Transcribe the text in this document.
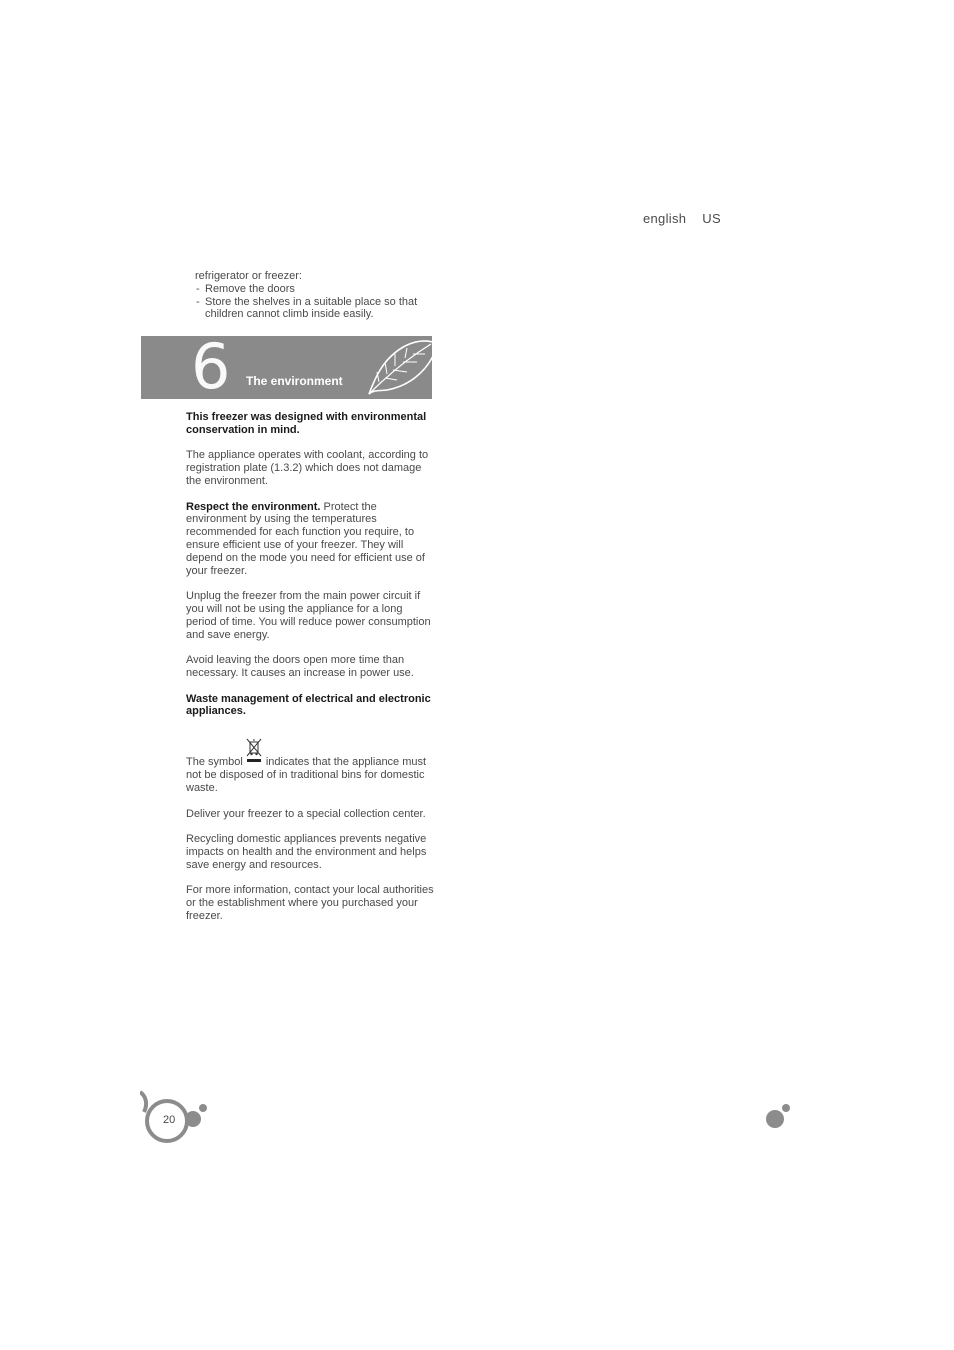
english US
refrigerator or freezer:
- Remove the doors
- Store the shelves in a suitable place so that children cannot climb inside easily.
6 The environment

This freezer was designed with environmental conservation in mind.

The appliance operates with coolant, according to registration plate (1.3.2) which does not damage the environment.

Respect the environment. Protect the environment by using the temperatures recommended for each function you require, to ensure efficient use of your freezer. They will depend on the mode you need for efficient use of your freezer.

Unplug the freezer from the main power circuit if you will not be using the appliance for a long period of time. You will reduce power consumption and save energy.

Avoid leaving the doors open more time than necessary. It causes an increase in power use.

Waste management of electrical and electronic appliances.

The symbol indicates that the appliance must not be disposed of in traditional bins for domestic waste.

Deliver your freezer to a special collection center.

Recycling domestic appliances prevents negative impacts on health and the environment and helps save energy and resources.

For more information, contact your local authorities or the establishment where you purchased your freezer.

20
